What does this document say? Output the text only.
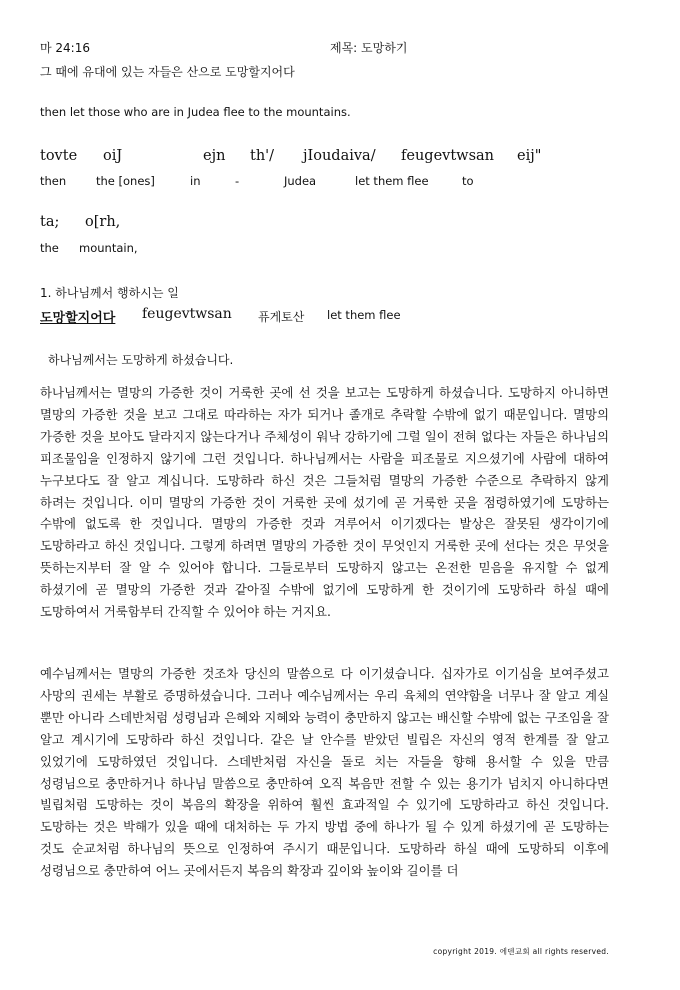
마 24:16	제목: 도망하기
그 때에 유대에 있는 자들은 산으로 도망할지어다
then let those who are in Judea flee to the mountains.
tovte oiJ	ejn th'/ jIoudaiva/ feugevtwsan eij"
then	the [ones]	in	-	Judea	let them flee	to
ta; o[rh,
the mountain,
1. 하나님께서 행하시는 일
도망할지어다 feugevtwsan 퓨게토산 let them flee
하나님께서는 도망하게 하셨습니다.
하나님께서는 멸망의 가증한 것이 거룩한 곳에 선 것을 보고는 도망하게 하셨습니다. 도망하지 아니하면 멸망의 가증한 것을 보고 그대로 따라하는 자가 되거나 졸개로 추락할 수밖에 없기 때문입니다. 멸망의 가증한 것을 보아도 달라지지 않는다거나 주체성이 워낙 강하기에 그럴 일이 전혀 없다는 자들은 하나님의 피조물임을 인정하지 않기에 그런 것입니다. 하나님께서는 사람을 피조물로 지으셨기에 사람에 대하여 누구보다도 잘 알고 계십니다. 도망하라 하신 것은 그들처럼 멸망의 가증한 수준으로 추락하지 않게 하려는 것입니다. 이미 멸망의 가증한 것이 거룩한 곳에 섰기에 곧 거룩한 곳을 점령하였기에 도망하는 수밖에 없도록 한 것입니다. 멸망의 가증한 것과 겨루어서 이기겠다는 발상은 잘못된 생각이기에 도망하라고 하신 것입니다. 그렇게 하려면 멸망의 가증한 것이 무엇인지 거룩한 곳에 선다는 것은 무엇을 뜻하는지부터 잘 알 수 있어야 합니다. 그들로부터 도망하지 않고는 온전한 믿음을 유지할 수 없게 하셨기에 곧 멸망의 가증한 것과 같아질 수밖에 없기에 도망하게 한 것이기에 도망하라 하실 때에 도망하여서 거룩함부터 간직할 수 있어야 하는 거지요.
예수님께서는 멸망의 가증한 것조차 당신의 말씀으로 다 이기셨습니다. 십자가로 이기심을 보여주셨고 사망의 권세는 부활로 증명하셨습니다. 그러나 예수님께서는 우리 육체의 연약함을 너무나 잘 알고 계실 뿐만 아니라 스데반처럼 성령님과 은혜와 지혜와 능력이 충만하지 않고는 배신할 수밖에 없는 구조임을 잘 알고 계시기에 도망하라 하신 것입니다. 같은 날 안수를 받았던 빌립은 자신의 영적 한계를 잘 알고 있었기에 도망하였던 것입니다. 스데반처럼 자신을 돌로 치는 자들을 향해 용서할 수 있을 만큼 성령님으로 충만하거나 하나님 말씀으로 충만하여 오직 복음만 전할 수 있는 용기가 넘치지 아니하다면 빌립처럼 도망하는 것이 복음의 확장을 위하여 훨씬 효과적일 수 있기에 도망하라고 하신 것입니다. 도망하는 것은 박해가 있을 때에 대처하는 두 가지 방법 중에 하나가 될 수 있게 하셨기에 곧 도망하는 것도 순교처럼 하나님의 뜻으로 인정하여 주시기 때문입니다. 도망하라 하실 때에 도망하되 이후에 성령님으로 충만하여 어느 곳에서든지 복음의 확장과 깊이와 높이와 길이를 더
copyright 2019. 에덴교회 all rights reserved.
